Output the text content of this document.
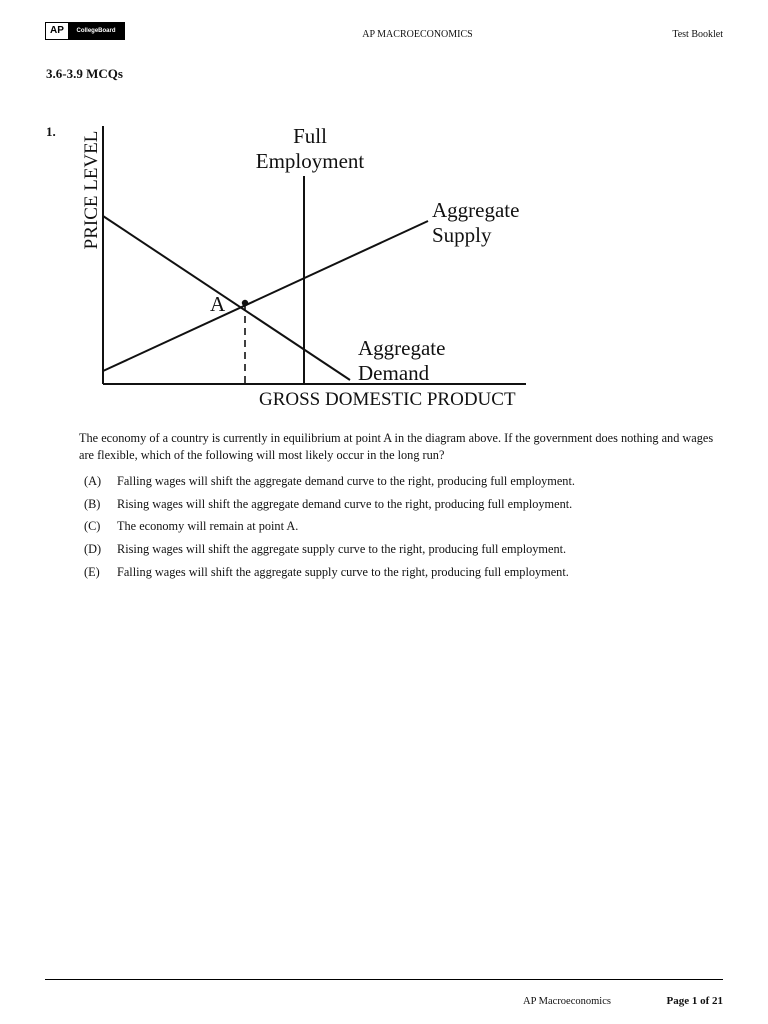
AP	CollegeBoard	AP MACROECONOMICS	Test Booklet
3.6-3.9 MCQs
1. PRICE LEVEL
GROSS DOMESTIC PRODUCT
Full
Employment
Aggregate
Supply
Aggregate
Demand
A
The economy of a country is currently in equilibrium at point A in the diagram above. If the government does nothing and wages are flexible, which of the following will most likely occur in the long run?
(A) Falling wages will shift the aggregate demand curve to the right, producing full employment.
(B) Rising wages will shift the aggregate demand curve to the right, producing full employment.
(C) The economy will remain at point A.
(D) Rising wages will shift the aggregate supply curve to the right, producing full employment.
(E) Falling wages will shift the aggregate supply curve to the right, producing full employment.
AP Macroeconomics	Page 1 of 21
